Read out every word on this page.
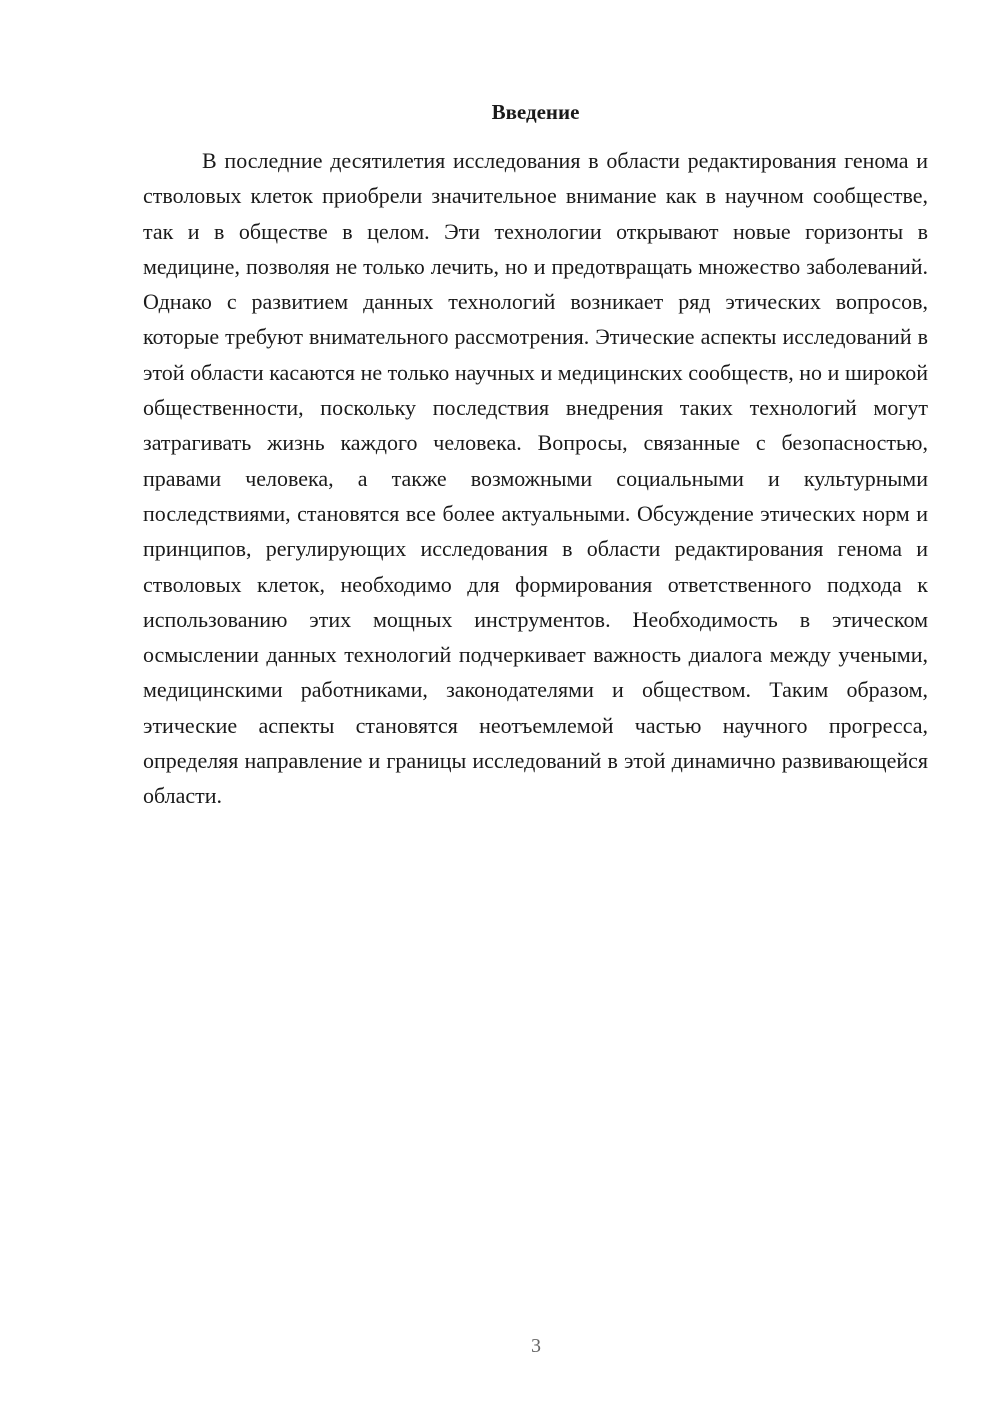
Введение

В последние десятилетия исследования в области редактирования генома и стволовых клеток приобрели значительное внимание как в научном сообществе, так и в обществе в целом. Эти технологии открывают новые горизонты в медицине, позволяя не только лечить, но и предотвращать множество заболеваний. Однако с развитием данных технологий возникает ряд этических вопросов, которые требуют внимательного рассмотрения. Этические аспекты исследований в этой области касаются не только научных и медицинских сообществ, но и широкой общественности, поскольку последствия внедрения таких технологий могут затрагивать жизнь каждого человека. Вопросы, связанные с безопасностью, правами человека, а также возможными социальными и культурными последствиями, становятся все более актуальными. Обсуждение этических норм и принципов, регулирующих исследования в области редактирования генома и стволовых клеток, необходимо для формирования ответственного подхода к использованию этих мощных инструментов. Необходимость в этическом осмыслении данных технологий подчеркивает важность диалога между учеными, медицинскими работниками, законодателями и обществом. Таким образом, этические аспекты становятся неотъемлемой частью научного прогресса, определяя направление и границы исследований в этой динамично развивающейся области.

3
